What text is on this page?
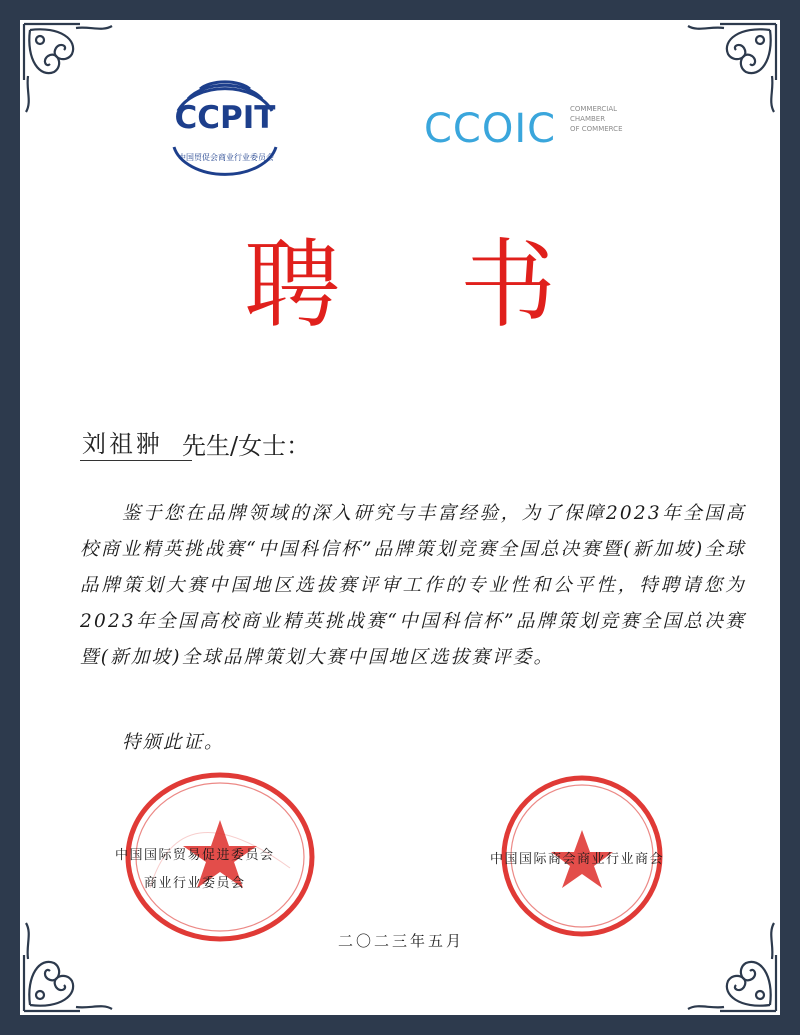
CCPIT
中国贸促会商业行业委员会
CCOIC COMMERCIAL
CHAMBER
OF COMMERCE
聘书
刘祖翀 先生/女士：
鉴于您在品牌领域的深入研究与丰富经验，为了保障2023年全国高校商业精英挑战赛“中国科信杯”品牌策划竞赛全国总决赛暨(新加坡)全球品牌策划大赛中国地区选拔赛评审工作的专业性和公平性，特聘请您为2023年全国高校商业精英挑战赛“中国科信杯”品牌策划竞赛全国总决赛暨(新加坡)全球品牌策划大赛中国地区选拔赛评委。
特颁此证。
中国国际贸易促进委员会
商业行业委员会
中国国际商会商业行业商会
二〇二三年五月
